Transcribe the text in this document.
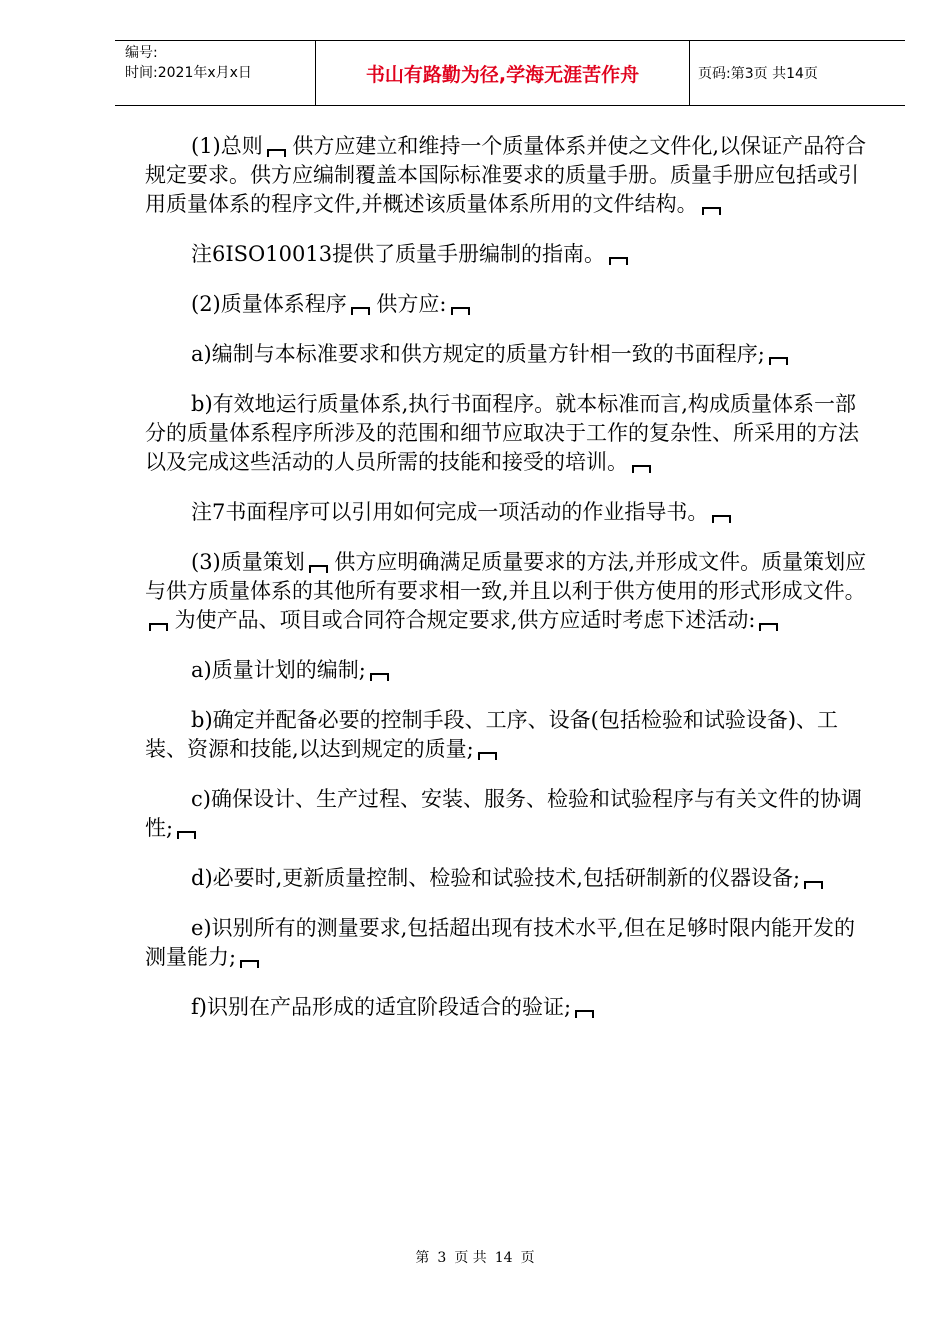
编号:
时间:2021年x月x日	书山有路勤为径,学海无涯苦作舟	页码:第3页 共14页

(1)总则 供方应建立和维持一个质量体系并使之文件化,以保证产品符合规定要求。供方应编制覆盖本国际标准要求的质量手册。质量手册应包括或引用质量体系的程序文件,并概述该质量体系所用的文件结构。

注6ISO10013提供了质量手册编制的指南。

(2)质量体系程序 供方应:

a)编制与本标准要求和供方规定的质量方针相一致的书面程序;

b)有效地运行质量体系,执行书面程序。就本标准而言,构成质量体系一部分的质量体系程序所涉及的范围和细节应取决于工作的复杂性、所采用的方法以及完成这些活动的人员所需的技能和接受的培训。

注7书面程序可以引用如何完成一项活动的作业指导书。

(3)质量策划 供方应明确满足质量要求的方法,并形成文件。质量策划应与供方质量体系的其他所有要求相一致,并且以利于供方使用的形式形成文件。 为使产品、项目或合同符合规定要求,供方应适时考虑下述活动:

a)质量计划的编制;

b)确定并配备必要的控制手段、工序、设备(包括检验和试验设备)、工装、资源和技能,以达到规定的质量;

c)确保设计、生产过程、安装、服务、检验和试验程序与有关文件的协调性;

d)必要时,更新质量控制、检验和试验技术,包括研制新的仪器设备;

e)识别所有的测量要求,包括超出现有技术水平,但在足够时限内能开发的测量能力;

f)识别在产品形成的适宜阶段适合的验证;

第 3 页 共 14 页
